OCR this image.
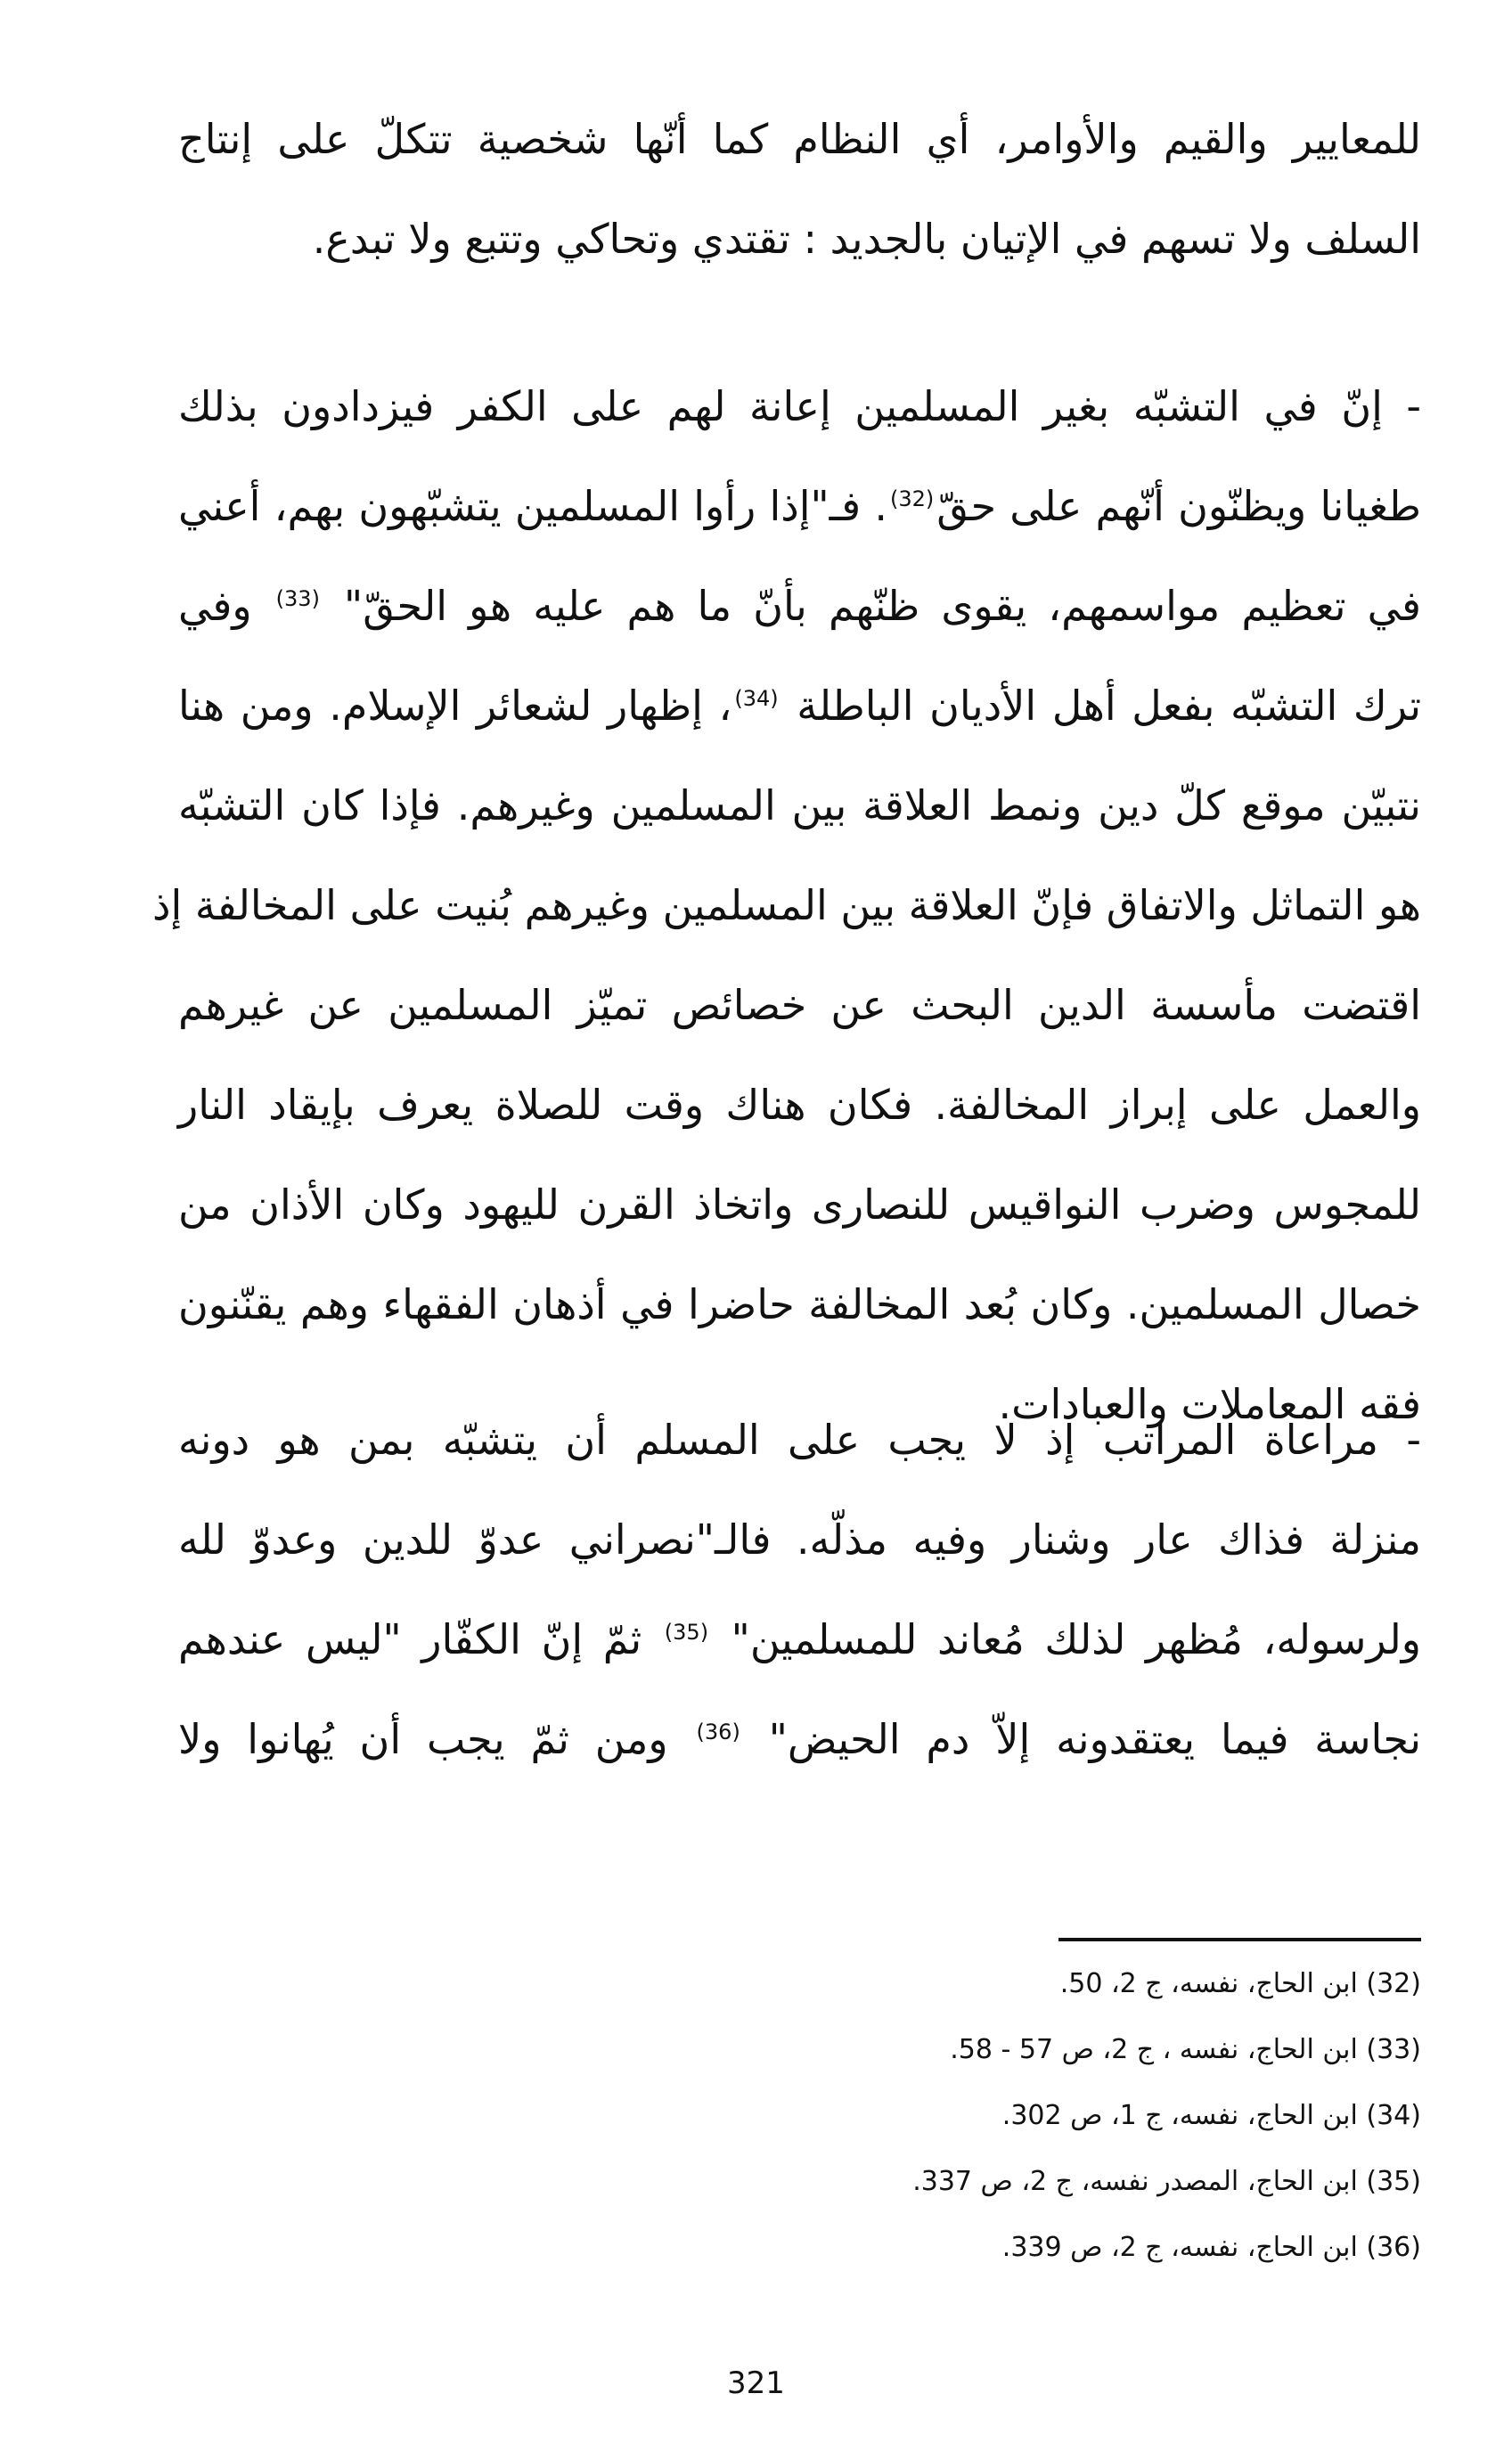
للمعايير والقيم والأوامر، أي النظام كما أنّها شخصية تتكلّ على إنتاج
السلف ولا تسهم في الإتيان بالجديد : تقتدي وتحاكي وتتبع ولا تبدع.
- إنّ في التشبّه بغير المسلمين إعانة لهم على الكفر فيزدادون بذلك
طغيانا ويظنّون أنّهم على حقّ$^{(32)}$. فـ"إذا رأوا المسلمين يتشبّهون بهم، أعني
في تعظيم مواسمهم، يقوى ظنّهم بأنّ ما هم عليه هو الحقّ" $^{(33)}$ وفي
ترك التشبّه بفعل أهل الأديان الباطلة $^{(34)}$، إظهار لشعائر الإسلام. ومن هنا
نتبيّن موقع كلّ دين ونمط العلاقة بين المسلمين وغيرهم. فإذا كان التشبّه
هو التماثل والاتفاق فإنّ العلاقة بين المسلمين وغيرهم بُنيت على المخالفة إذ
اقتضت مأسسة الدين البحث عن خصائص تميّز المسلمين عن غيرهم
والعمل على إبراز المخالفة. فكان هناك وقت للصلاة يعرف بإيقاد النار
للمجوس وضرب النواقيس للنصارى واتخاذ القرن لليهود وكان الأذان من
خصال المسلمين. وكان بُعد المخالفة حاضرا في أذهان الفقهاء وهم يقنّنون
فقه المعاملات والعبادات.
- مراعاة المراتب إذ لا يجب على المسلم أن يتشبّه بمن هو دونه
منزلة فذاك عار وشنار وفيه مذلّه. فالـ"نصراني عدوّ للدين وعدوّ لله
ولرسوله، مُظهر لذلك مُعاند للمسلمين" $^{(35)}$ ثمّ إنّ الكفّار "ليس عندهم
نجاسة فيما يعتقدونه إلاّ دم الحيض" $^{(36)}$ ومن ثمّ يجب أن يُهانوا ولا
(32) ابن الحاج، نفسه، ج 2، 50.
(33) ابن الحاج، نفسه ، ج 2، ص 57 - 58.
(34) ابن الحاج، نفسه، ج 1، ص 302.
(35) ابن الحاج، المصدر نفسه، ج 2، ص 337.
(36) ابن الحاج، نفسه، ج 2، ص 339.
321
